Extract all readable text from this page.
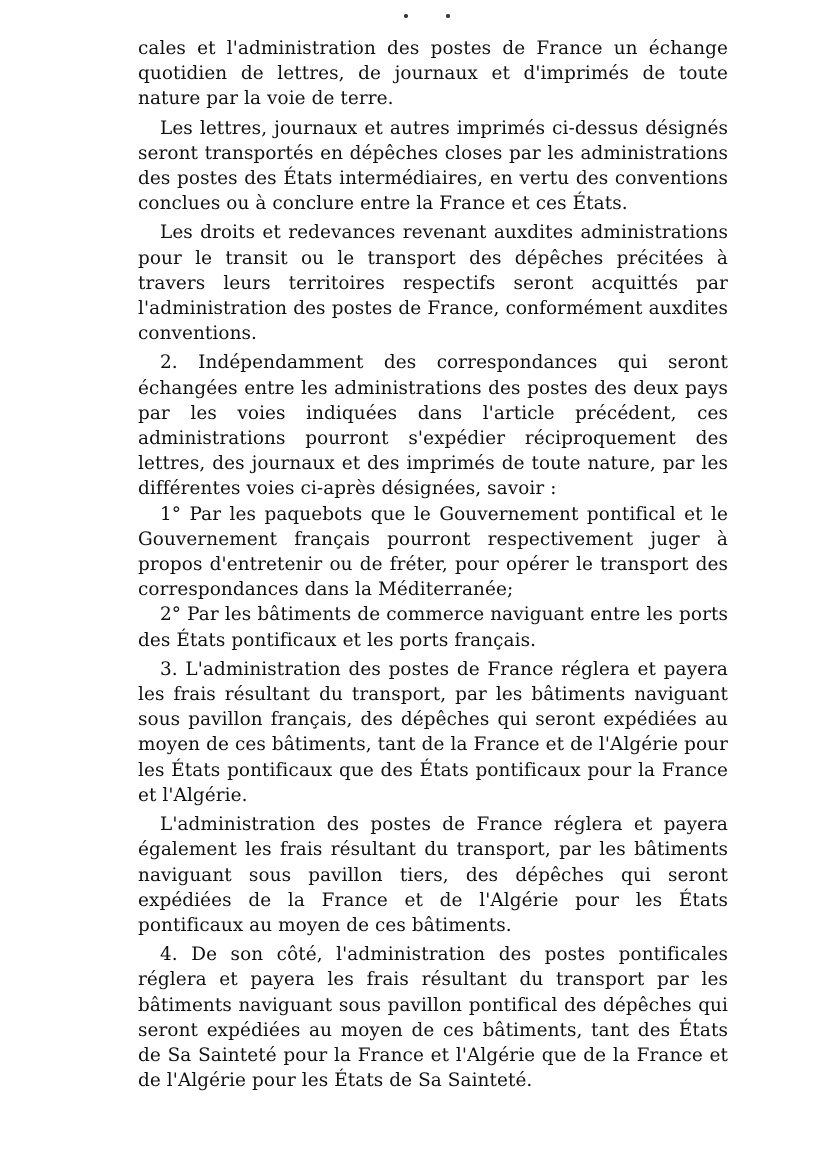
cales et l'administration des postes de France un échange quotidien de lettres, de journaux et d'imprimés de toute nature par la voie de terre.

Les lettres, journaux et autres imprimés ci-dessus désignés seront transportés en dépêches closes par les administrations des postes des États intermédiaires, en vertu des conventions conclues ou à conclure entre la France et ces États.

Les droits et redevances revenant auxdites administrations pour le transit ou le transport des dépêches précitées à travers leurs territoires respectifs seront acquittés par l'administration des postes de France, conformément auxdites conventions.

2. Indépendamment des correspondances qui seront échangées entre les administrations des postes des deux pays par les voies indiquées dans l'article précédent, ces administrations pourront s'expédier réciproquement des lettres, des journaux et des imprimés de toute nature, par les différentes voies ci-après désignées, savoir :

1° Par les paquebots que le Gouvernement pontifical et le Gouvernement français pourront respectivement juger à propos d'entretenir ou de fréter, pour opérer le transport des correspondances dans la Méditerranée;

2° Par les bâtiments de commerce naviguant entre les ports des États pontificaux et les ports français.

3. L'administration des postes de France réglera et payera les frais résultant du transport, par les bâtiments naviguant sous pavillon français, des dépêches qui seront expédiées au moyen de ces bâtiments, tant de la France et de l'Algérie pour les États pontificaux que des États pontificaux pour la France et l'Algérie.

L'administration des postes de France réglera et payera également les frais résultant du transport, par les bâtiments naviguant sous pavillon tiers, des dépêches qui seront expédiées de la France et de l'Algérie pour les États pontificaux au moyen de ces bâtiments.

4. De son côté, l'administration des postes pontificales réglera et payera les frais résultant du transport par les bâtiments naviguant sous pavillon pontifical des dépêches qui seront expédiées au moyen de ces bâtiments, tant des États de Sa Sainteté pour la France et l'Algérie que de la France et de l'Algérie pour les États de Sa Sainteté.
